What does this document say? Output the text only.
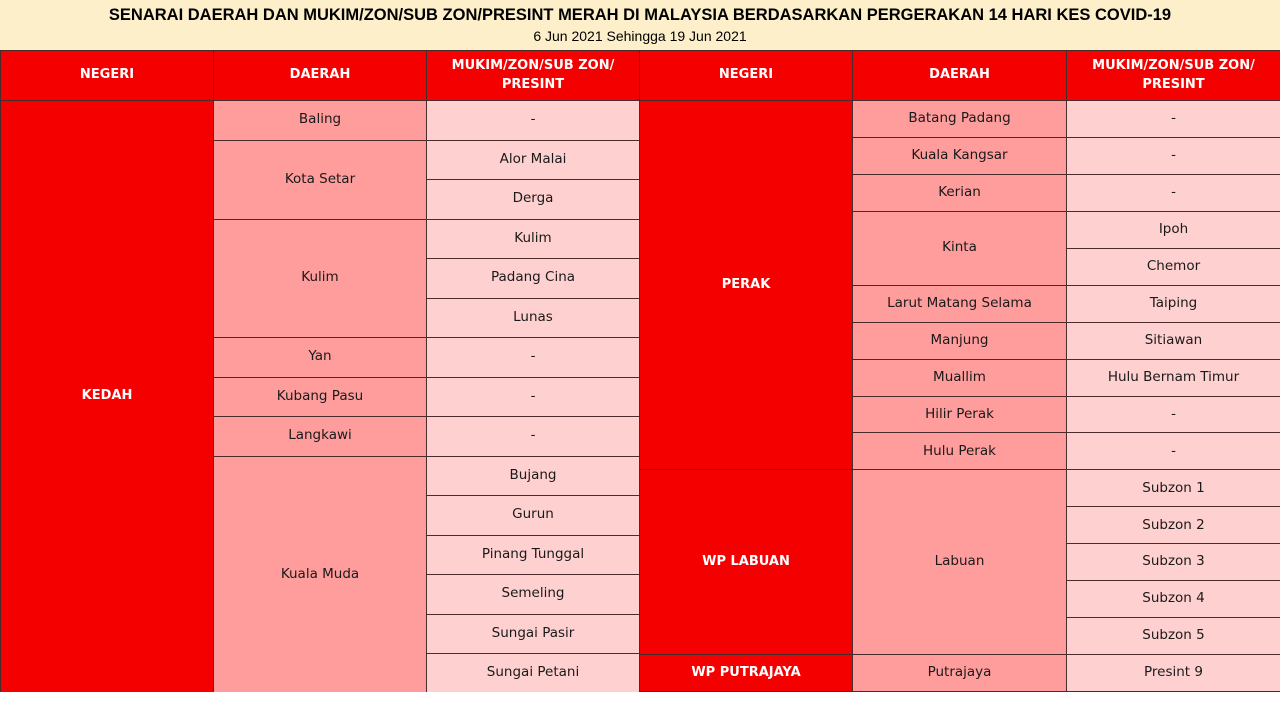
SENARAI DAERAH DAN MUKIM/ZON/SUB ZON/PRESINT MERAH DI MALAYSIA BERDASARKAN PERGERAKAN 14 HARI KES COVID-19
6 Jun 2021 Sehingga 19 Jun 2021
NEGERI	DAERAH	MUKIM/ZON/SUB ZON/
PRESINT
KEDAH	Baling	-
	Kota Setar	Alor Malai
		Derga
	Kulim	Kulim
		Padang Cina
		Lunas
	Yan	-
	Kubang Pasu	-
	Langkawi	-
	Kuala Muda	Bujang
		Gurun
		Pinang Tunggal
		Semeling
		Sungai Pasir
		Sungai Petani
NEGERI	DAERAH	MUKIM/ZON/SUB ZON/
PRESINT
PERAK	Batang Padang	-
	Kuala Kangsar	-
	Kerian	-
	Kinta	Ipoh
		Chemor
	Larut Matang Selama	Taiping
	Manjung	Sitiawan
	Muallim	Hulu Bernam Timur
	Hilir Perak	-
	Hulu Perak	-
WP LABUAN	Labuan	Subzon 1
		Subzon 2
		Subzon 3
		Subzon 4
		Subzon 5
WP PUTRAJAYA	Putrajaya	Presint 9
